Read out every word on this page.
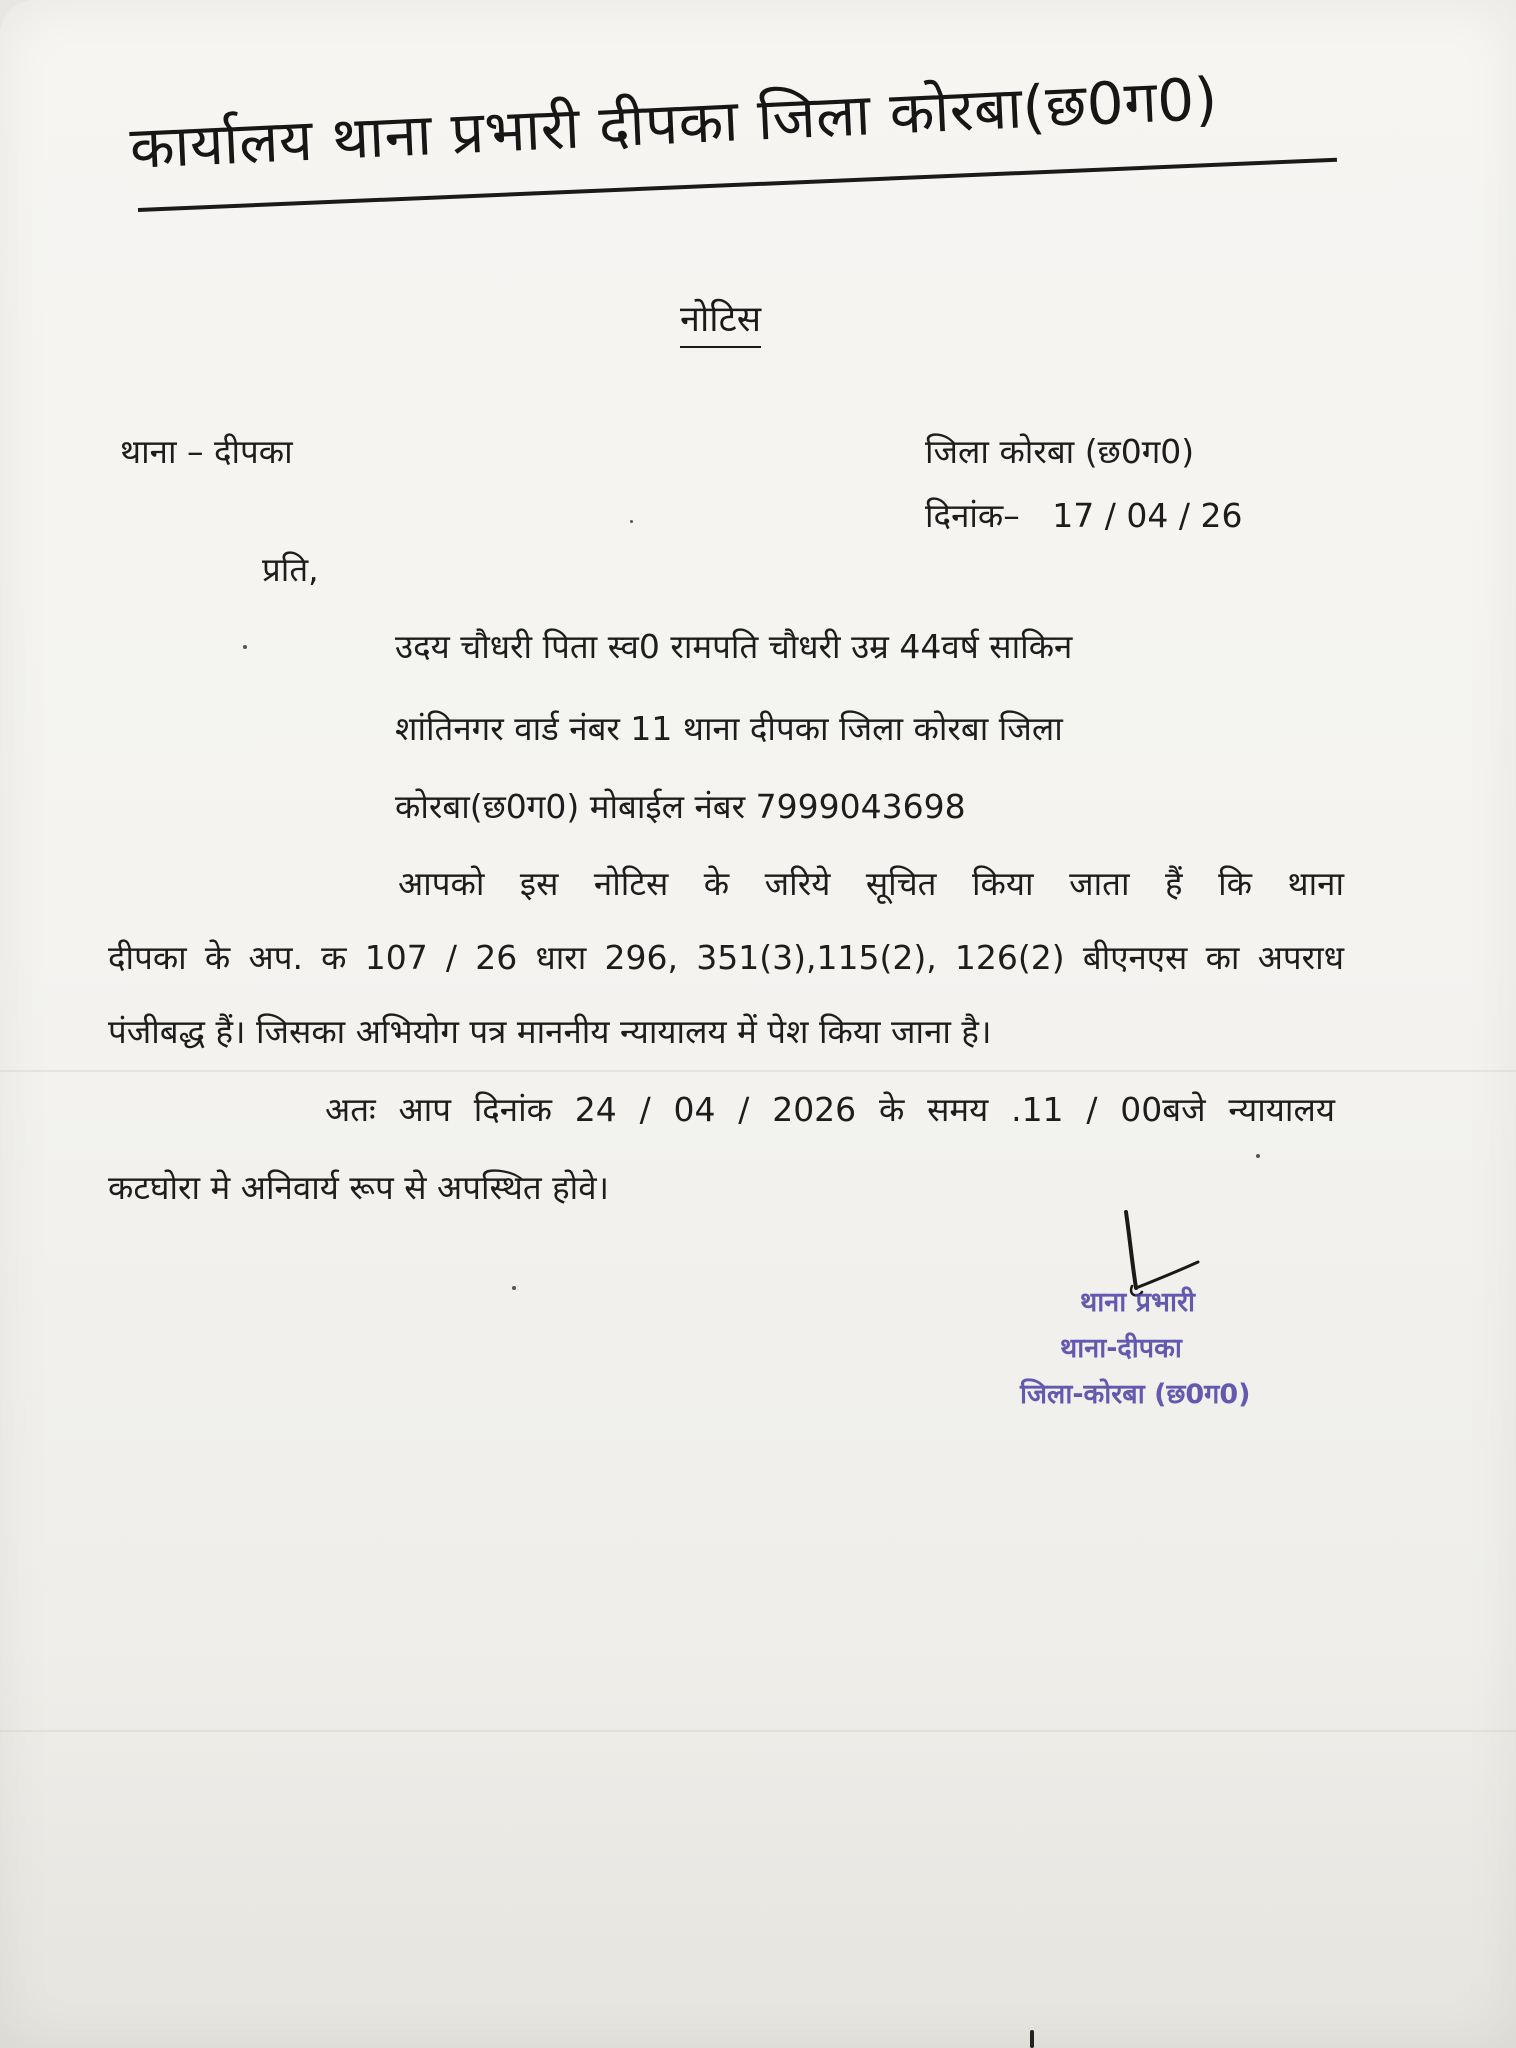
कार्यालय थाना प्रभारी दीपका जिला कोरबा(छ0ग0)
नोटिस
थाना – दीपका	जिला कोरबा (छ0ग0)
दिनांक– 17 / 04 / 26
प्रति,
उदय चौधरी पिता स्व0 रामपति चौधरी उम्र 44वर्ष साकिन
शांतिनगर वार्ड नंबर 11 थाना दीपका जिला कोरबा जिला
कोरबा(छ0ग0) मोबाईल नंबर 7999043698
आपको इस नोटिस के जरिये सूचित किया जाता हैं कि थाना
दीपका के अप. क 107 / 26 धारा 296, 351(3),115(2), 126(2) बीएनएस का अपराध
पंजीबद्ध हैं। जिसका अभियोग पत्र माननीय न्यायालय में पेश किया जाना है।
अतः आप दिनांक 24 / 04 / 2026 के समय .11 / 00बजे न्यायालय
कटघोरा मे अनिवार्य रूप से अपस्थित होवे।
थाना प्रभारी
थाना-दीपका
जिला-कोरबा (छ0ग0)
